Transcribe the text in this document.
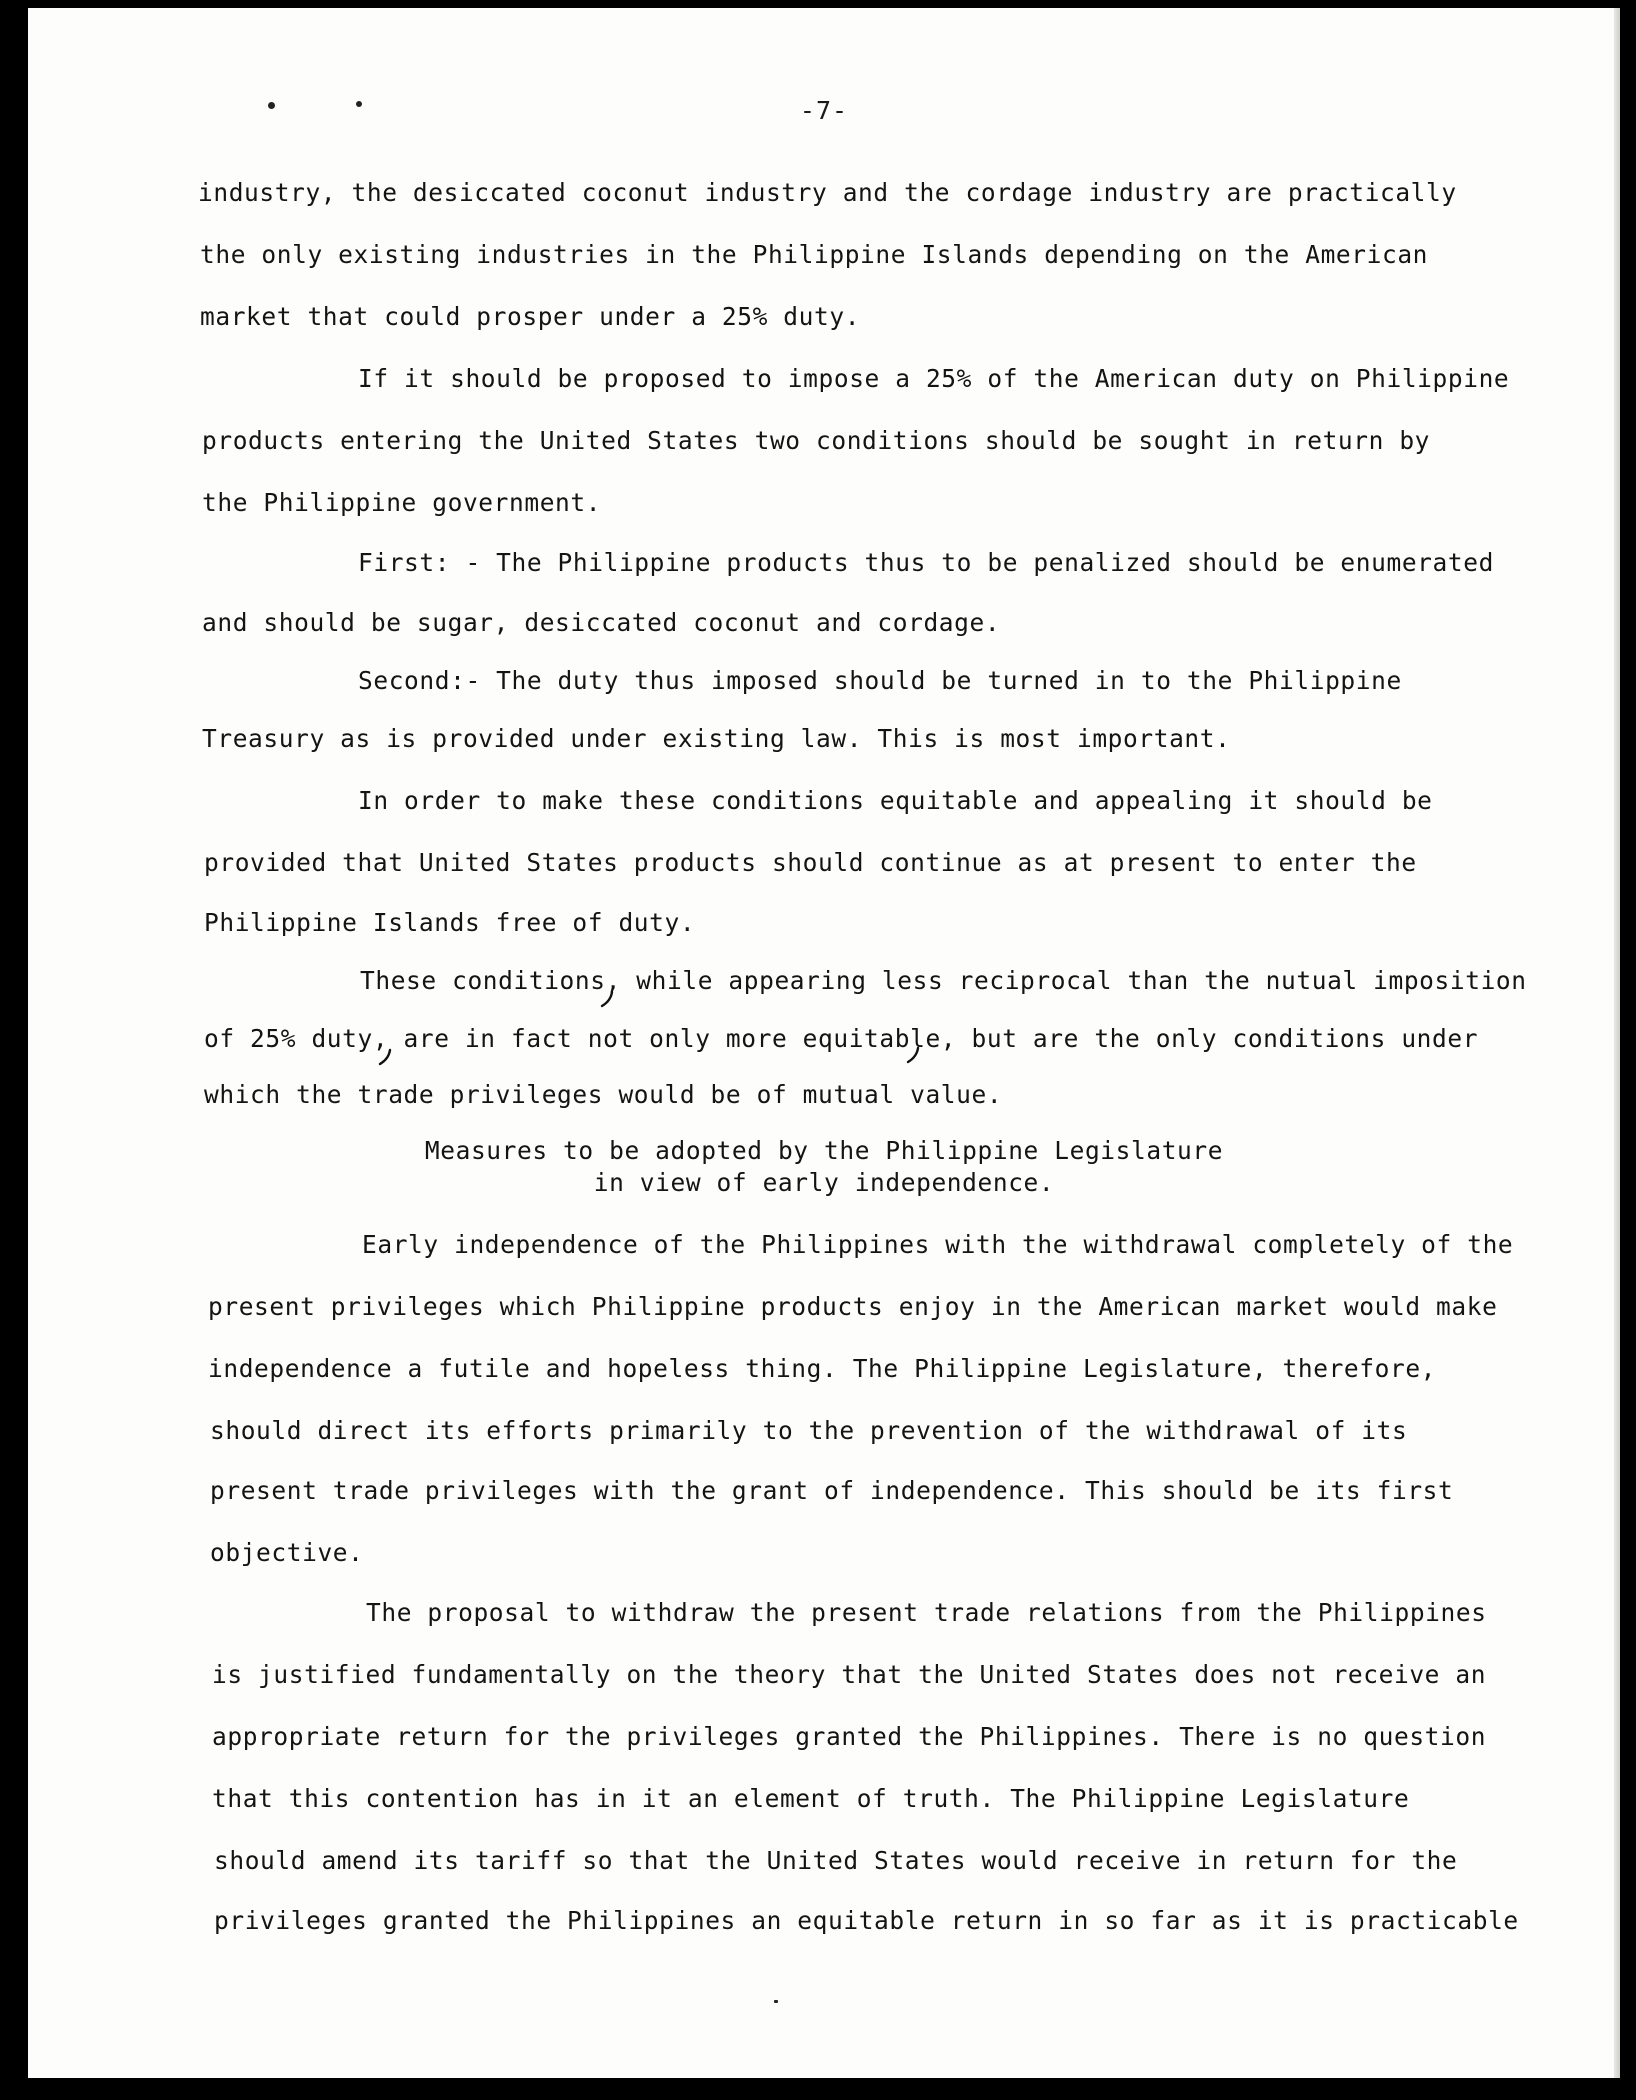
-7-
industry, the desiccated coconut industry and the cordage industry are practically
the only existing industries in the Philippine Islands depending on the American
market that could prosper under a 25% duty.
If it should be proposed to impose a 25% of the American duty on Philippine
products entering the United States two conditions should be sought in return by
the Philippine government.
First: - The Philippine products thus to be penalized should be enumerated
and should be sugar, desiccated coconut and cordage.
Second:- The duty thus imposed should be turned in to the Philippine
Treasury as is provided under existing law. This is most important.
In order to make these conditions equitable and appealing it should be
provided that United States products should continue as at present to enter the
Philippine Islands free of duty.
These conditions, while appearing less reciprocal than the nutual imposition
of 25% duty, are in fact not only more equitable, but are the only conditions under
which the trade privileges would be of mutual value.
Measures to be adopted by the Philippine Legislature
in view of early independence.
Early independence of the Philippines with the withdrawal completely of the
present privileges which Philippine products enjoy in the American market would make
independence a futile and hopeless thing. The Philippine Legislature, therefore,
should direct its efforts primarily to the prevention of the withdrawal of its
present trade privileges with the grant of independence. This should be its first
objective.
The proposal to withdraw the present trade relations from the Philippines
is justified fundamentally on the theory that the United States does not receive an
appropriate return for the privileges granted the Philippines. There is no question
that this contention has in it an element of truth. The Philippine Legislature
should amend its tariff so that the United States would receive in return for the
privileges granted the Philippines an equitable return in so far as it is practicable
